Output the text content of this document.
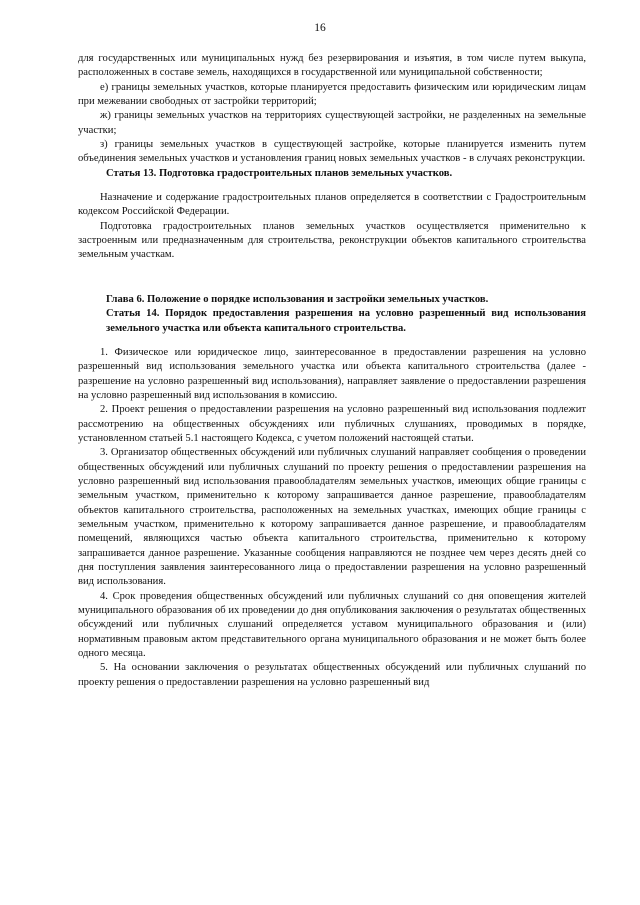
16

для государственных или муниципальных нужд без резервирования и изъятия, в том числе путем выкупа, расположенных в составе земель, находящихся в государственной или муниципальной собственности;

е) границы земельных участков, которые планируется предоставить физическим или юридическим лицам при межевании свободных от застройки территорий;

ж) границы земельных участков на территориях существующей застройки, не разделенных на земельные участки;

з) границы земельных участков в существующей застройке, которые планируется изменить путем объединения земельных участков и установления границ новых земельных участков - в случаях реконструкции.

Статья 13. Подготовка градостроительных планов земельных участков.

Назначение и содержание градостроительных планов определяется в соответствии с Градостроительным кодексом Российской Федерации.

Подготовка градостроительных планов земельных участков осуществляется применительно к застроенным или предназначенным для строительства, реконструкции объектов капитального строительства земельным участкам.

Глава 6. Положение о порядке использования и застройки земельных участков.

Статья 14. Порядок предоставления разрешения на условно разрешенный вид использования земельного участка или объекта капитального строительства.

1. Физическое или юридическое лицо, заинтересованное в предоставлении разрешения на условно разрешенный вид использования земельного участка или объекта капитального строительства (далее - разрешение на условно разрешенный вид использования), направляет заявление о предоставлении разрешения на условно разрешенный вид использования в комиссию.

2. Проект решения о предоставлении разрешения на условно разрешенный вид использования подлежит рассмотрению на общественных обсуждениях или публичных слушаниях, проводимых в порядке, установленном статьей 5.1 настоящего Кодекса, с учетом положений настоящей статьи.

3. Организатор общественных обсуждений или публичных слушаний направляет сообщения о проведении общественных обсуждений или публичных слушаний по проекту решения о предоставлении разрешения на условно разрешенный вид использования правообладателям земельных участков, имеющих общие границы с земельным участком, применительно к которому запрашивается данное разрешение, правообладателям объектов капитального строительства, расположенных на земельных участках, имеющих общие границы с земельным участком, применительно к которому запрашивается данное разрешение, и правообладателям помещений, являющихся частью объекта капитального строительства, применительно к которому запрашивается данное разрешение. Указанные сообщения направляются не позднее чем через десять дней со дня поступления заявления заинтересованного лица о предоставлении разрешения на условно разрешенный вид использования.

4. Срок проведения общественных обсуждений или публичных слушаний со дня оповещения жителей муниципального образования об их проведении до дня опубликования заключения о результатах общественных обсуждений или публичных слушаний определяется уставом муниципального образования и (или) нормативным правовым актом представительного органа муниципального образования и не может быть более одного месяца.

5. На основании заключения о результатах общественных обсуждений или публичных слушаний по проекту решения о предоставлении разрешения на условно разрешенный вид
